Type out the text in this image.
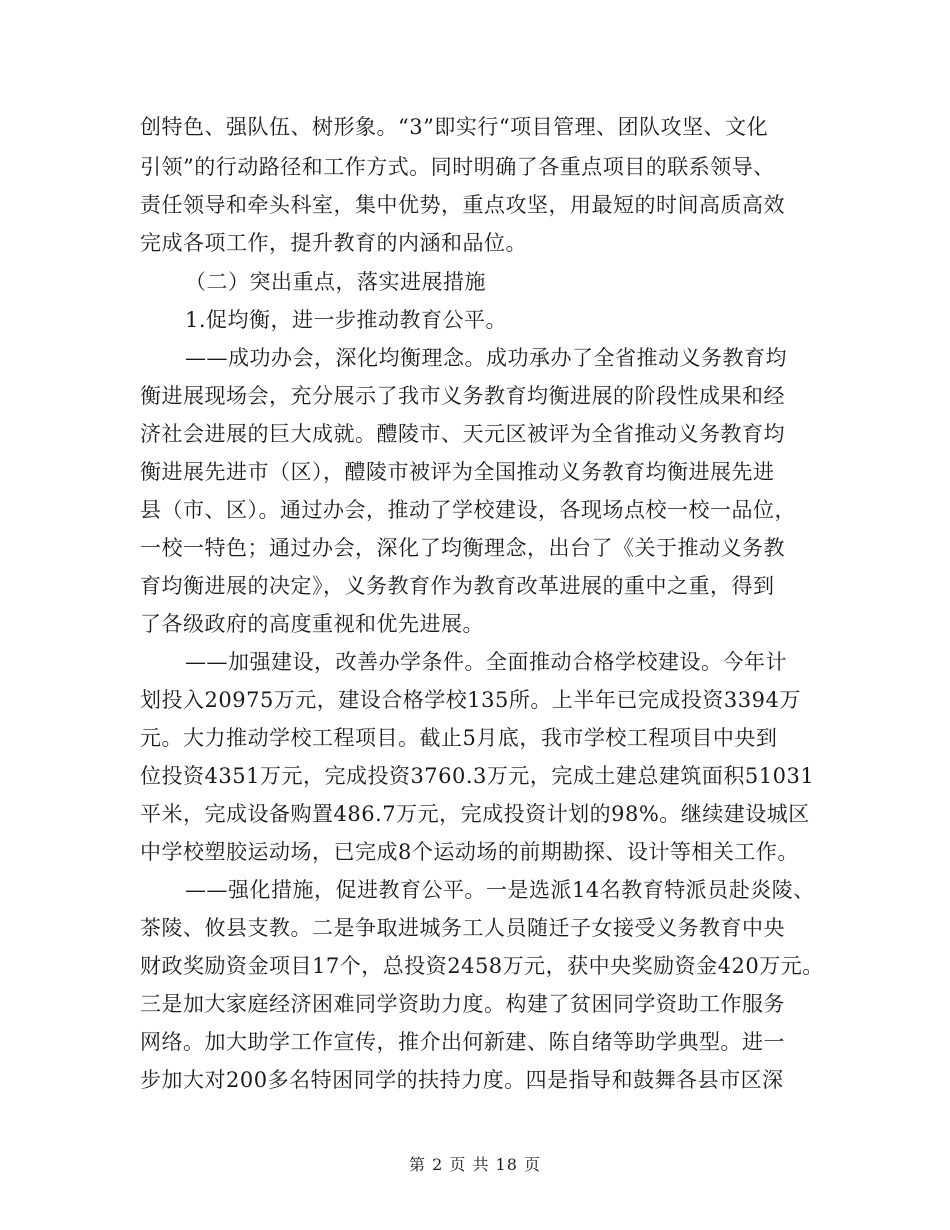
创特色、强队伍、树形象。“3”即实行“项目管理、团队攻坚、文化
引领”的行动路径和工作方式。同时明确了各重点项目的联系领导、
责任领导和牵头科室，集中优势，重点攻坚，用最短的时间高质高效
完成各项工作，提升教育的内涵和品位。
（二）突出重点，落实进展措施
1.促均衡，进一步推动教育公平。
——成功办会，深化均衡理念。成功承办了全省推动义务教育均
衡进展现场会，充分展示了我市义务教育均衡进展的阶段性成果和经
济社会进展的巨大成就。醴陵市、天元区被评为全省推动义务教育均
衡进展先进市（区），醴陵市被评为全国推动义务教育均衡进展先进
县（市、区）。通过办会，推动了学校建设，各现场点校一校一品位，
一校一特色；通过办会，深化了均衡理念，出台了《关于推动义务教
育均衡进展的决定》，义务教育作为教育改革进展的重中之重，得到
了各级政府的高度重视和优先进展。
——加强建设，改善办学条件。全面推动合格学校建设。今年计
划投入20975万元，建设合格学校135所。上半年已完成投资3394万
元。大力推动学校工程项目。截止5月底，我市学校工程项目中央到
位投资4351万元，完成投资3760.3万元，完成土建总建筑面积51031
平米，完成设备购置486.7万元，完成投资计划的98%。继续建设城区
中学校塑胶运动场，已完成8个运动场的前期勘探、设计等相关工作。
——强化措施，促进教育公平。一是选派14名教育特派员赴炎陵、
茶陵、攸县支教。二是争取进城务工人员随迁子女接受义务教育中央
财政奖励资金项目17个，总投资2458万元，获中央奖励资金420万元。
三是加大家庭经济困难同学资助力度。构建了贫困同学资助工作服务
网络。加大助学工作宣传，推介出何新建、陈自绪等助学典型。进一
步加大对200多名特困同学的扶持力度。四是指导和鼓舞各县市区深
第 2 页 共 18 页
